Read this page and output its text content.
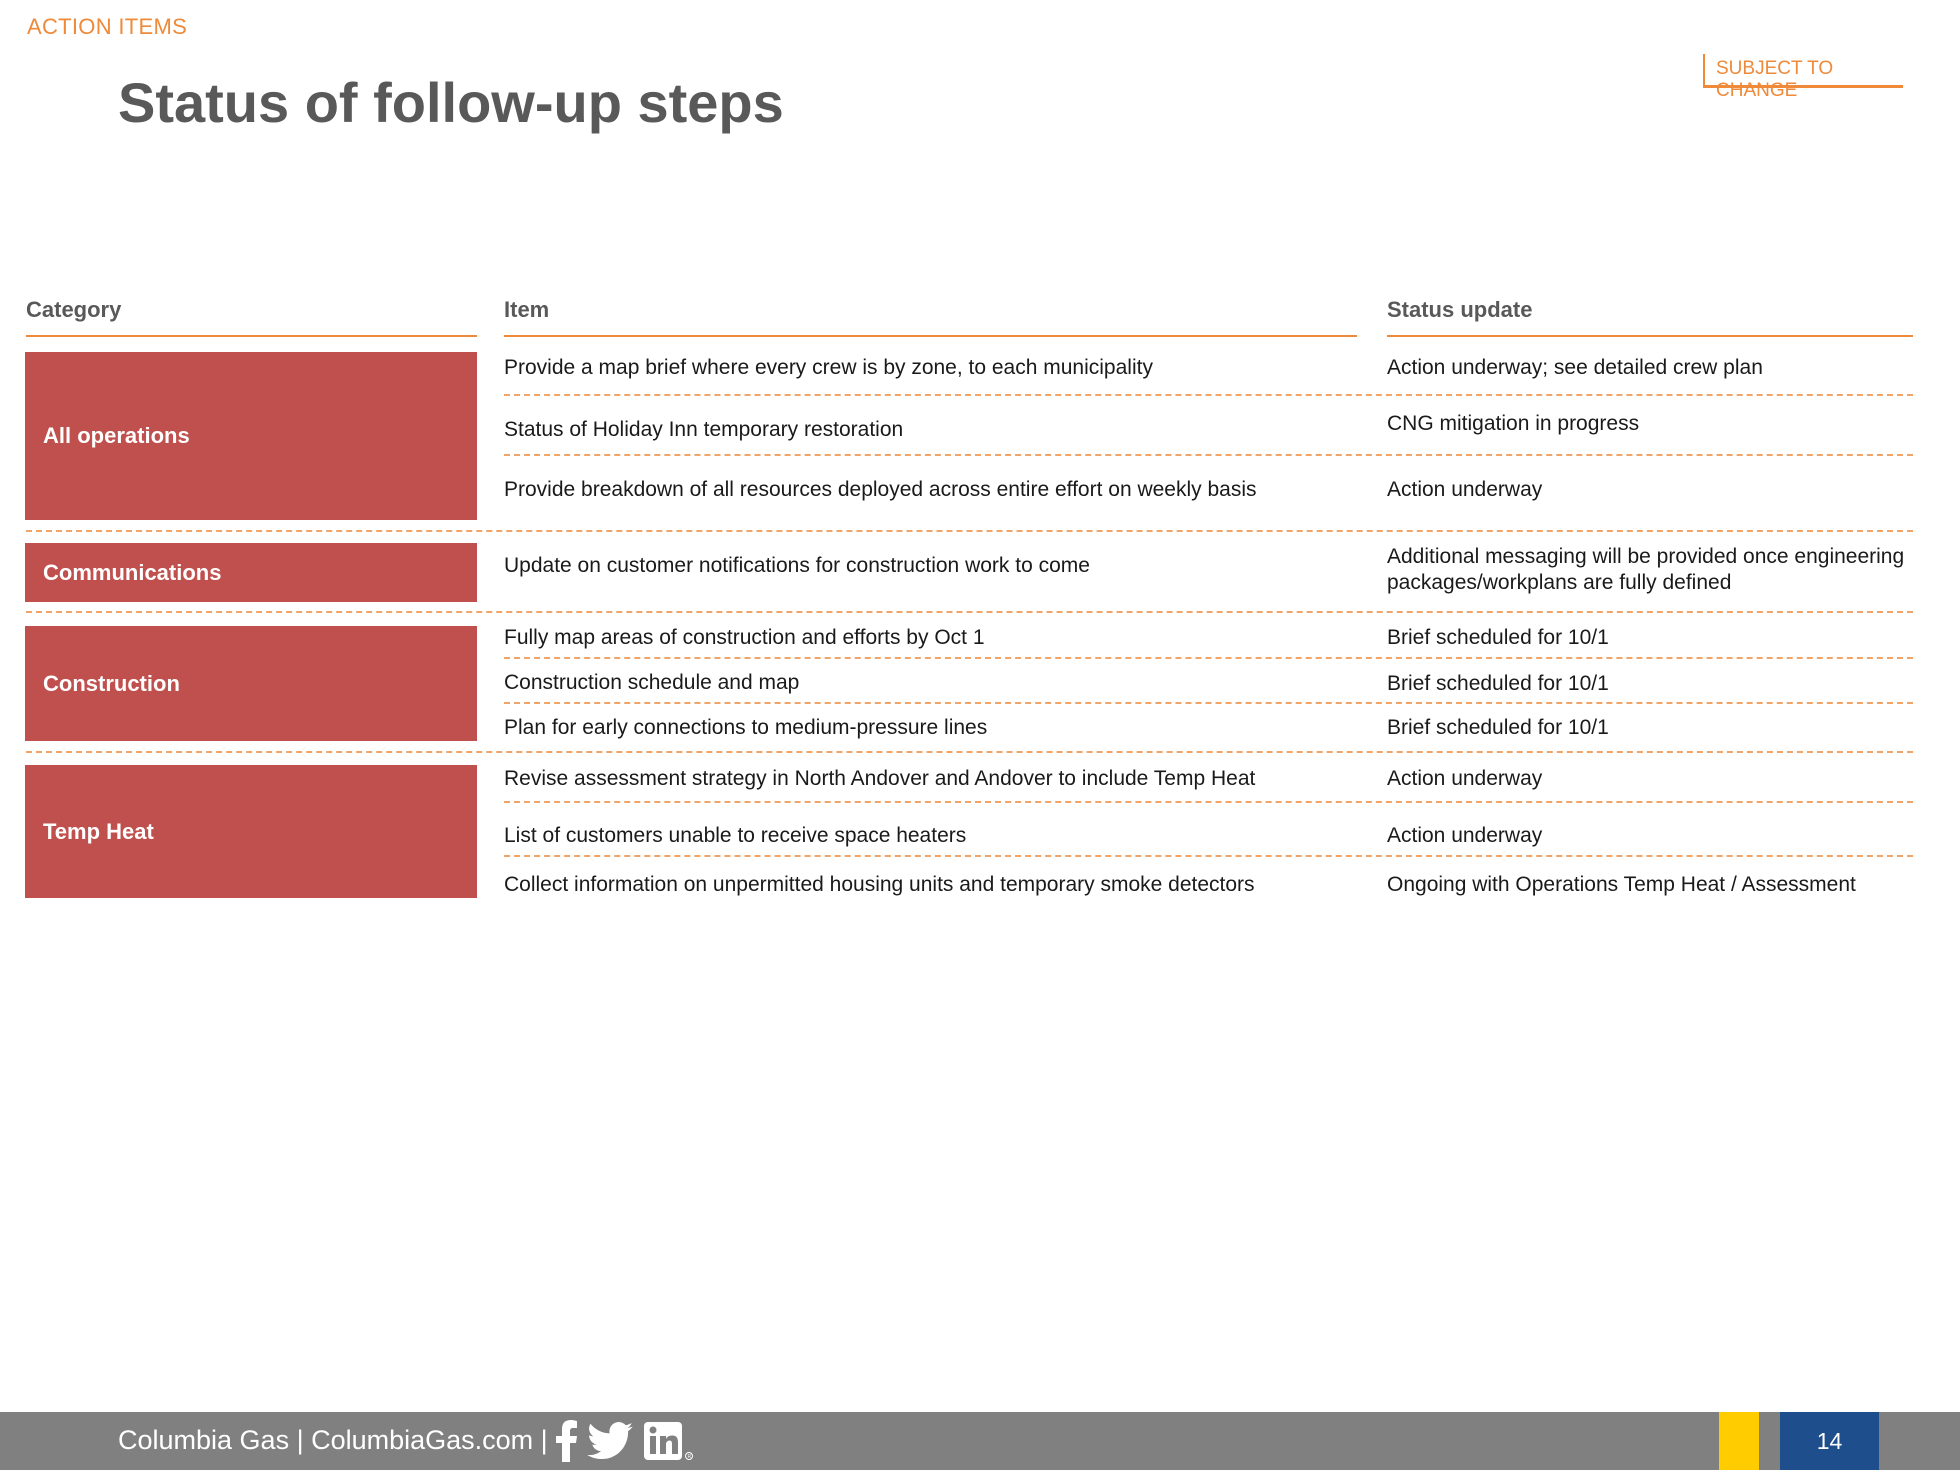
ACTION ITEMS
Status of follow-up steps
SUBJECT TO CHANGE
Category	Item	Status update
All operations
Provide a map brief where every crew is by zone, to each municipality	Action underway; see detailed crew plan
Status of Holiday Inn temporary restoration	CNG mitigation in progress
Provide breakdown of all resources deployed across entire effort on weekly basis	Action underway
Communications	Update on customer notifications for construction work to come	Additional messaging will be provided once engineering packages/workplans are fully defined
Construction
Fully map areas of construction and efforts by Oct 1	Brief scheduled for 10/1
Construction schedule and map	Brief scheduled for 10/1
Plan for early connections to medium-pressure lines	Brief scheduled for 10/1
Temp Heat
Revise assessment strategy in North Andover and Andover to include Temp Heat	Action underway
List of customers unable to receive space heaters	Action underway
Collect information on unpermitted housing units and temporary smoke detectors	Ongoing with Operations Temp Heat / Assessment
Columbia Gas | ColumbiaGas.com |
R
14
